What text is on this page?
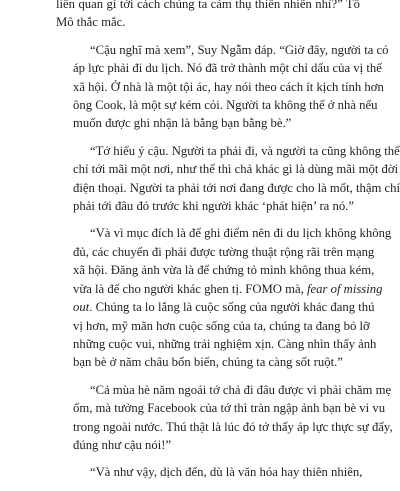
liên quan gì tới cách chúng ta cảm thụ thiên nhiên nhỉ?” Tô
Mô thắc mắc.

“Cậu nghĩ mà xem”, Suy Ngẫm đáp. “Giờ đây, người ta có
áp lực phải đi du lịch. Nó đã trở thành một chỉ dấu của vị thế
xã hội. Ở nhà là một tội ác, hay nói theo cách ít kịch tính hơn
ông Cook, là một sự kém cỏi. Người ta không thể ở nhà nếu
muốn được ghi nhận là bằng bạn bằng bè.”

“Tớ hiểu ý cậu. Người ta phải đi, và người ta cũng không thể
chỉ tới mãi một nơi, như thể thì chả khác gì là dùng mãi một đời
điện thoại. Người ta phải tới nơi đang được cho là mốt, thậm chí
phải tới đâu đó trước khi người khác ‘phát hiện’ ra nó.”

“Và vì mục đích là để ghi điểm nên đi du lịch không không
đủ, các chuyến đi phải được tường thuật rộng rãi trên mạng
xã hội. Đăng ảnh vừa là để chứng tỏ mình không thua kém,
vừa là để cho người khác ghen tị. FOMO mà, fear of missing
out. Chúng ta lo lắng là cuộc sống của người khác đang thú
vị hơn, mỹ mãn hơn cuộc sống của ta, chúng ta đang bỏ lỡ
những cuộc vui, những trải nghiệm xịn. Càng nhìn thấy ảnh
bạn bè ở năm châu bốn biển, chúng ta càng sốt ruột.”

“Cả mùa hè năm ngoái tớ chả đi đâu được vì phải chăm mẹ
ốm, mà tưởng Facebook của tớ thì tràn ngập ảnh bạn bè vi vu
trong ngoài nước. Thú thật là lúc đó tớ thấy áp lực thực sự đấy,
đúng như cậu nói!”

“Và như vậy, dịch đến, dù là văn hóa hay thiên nhiên,
